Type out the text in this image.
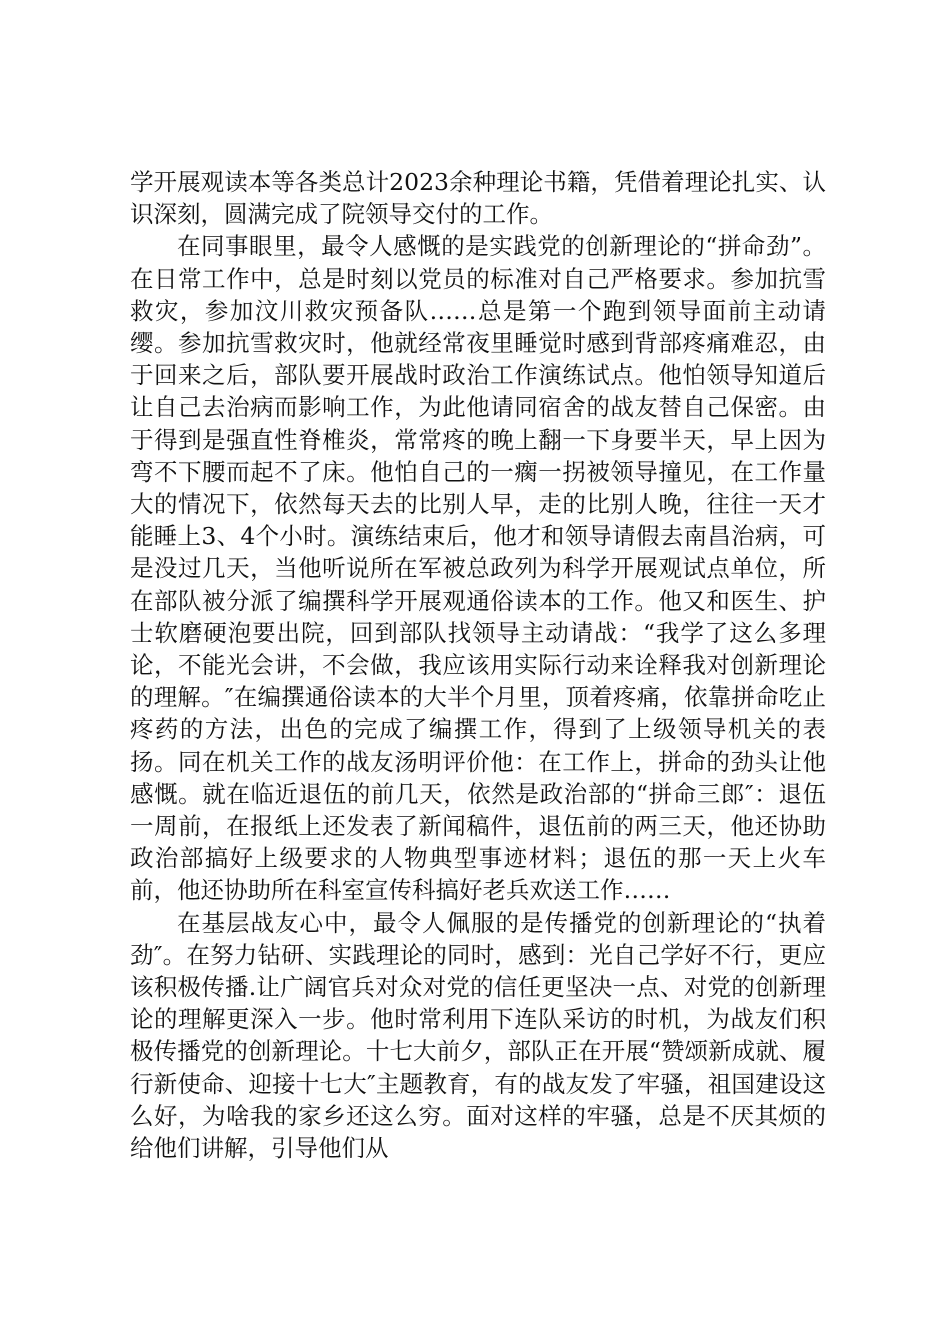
学开展观读本等各类总计2023余种理论书籍，凭借着理论扎实、认识深刻，圆满完成了院领导交付的工作。

在同事眼里，最令人感慨的是实践党的创新理论的“拼命劲”。在日常工作中，总是时刻以党员的标准对自己严格要求。参加抗雪救灾，参加汶川救灾预备队……总是第一个跑到领导面前主动请缨。参加抗雪救灾时，他就经常夜里睡觉时感到背部疼痛难忍，由于回来之后，部队要开展战时政治工作演练试点。他怕领导知道后让自己去治病而影响工作，为此他请同宿舍的战友替自己保密。由于得到是强直性脊椎炎，常常疼的晚上翻一下身要半天，早上因为弯不下腰而起不了床。他怕自己的一瘸一拐被领导撞见，在工作量大的情况下，依然每天去的比别人早，走的比别人晚，往往一天才能睡上3、4个小时。演练结束后，他才和领导请假去南昌治病，可是没过几天，当他听说所在军被总政列为科学开展观试点单位，所在部队被分派了编撰科学开展观通俗读本的工作。他又和医生、护士软磨硬泡要出院，回到部队找领导主动请战：“我学了这么多理论，不能光会讲，不会做，我应该用实际行动来诠释我对创新理论的理解。″在编撰通俗读本的大半个月里，顶着疼痛，依靠拼命吃止疼药的方法，出色的完成了编撰工作，得到了上级领导机关的表扬。同在机关工作的战友汤明评价他：在工作上，拼命的劲头让他感慨。就在临近退伍的前几天，依然是政治部的“拼命三郎″：退伍一周前，在报纸上还发表了新闻稿件，退伍前的两三天，他还协助政治部搞好上级要求的人物典型事迹材料；退伍的那一天上火车前，他还协助所在科室宣传科搞好老兵欢送工作……

在基层战友心中，最令人佩服的是传播党的创新理论的“执着劲″。在努力钻研、实践理论的同时，感到：光自己学好不行，更应该积极传播.让广阔官兵对众对党的信任更坚决一点、对党的创新理论的理解更深入一步。他时常利用下连队采访的时机，为战友们积极传播党的创新理论。十七大前夕，部队正在开展“赞颂新成就、履行新使命、迎接十七大″主题教育，有的战友发了牢骚，祖国建设这么好，为啥我的家乡还这么穷。面对这样的牢骚，总是不厌其烦的给他们讲解，引导他们从
